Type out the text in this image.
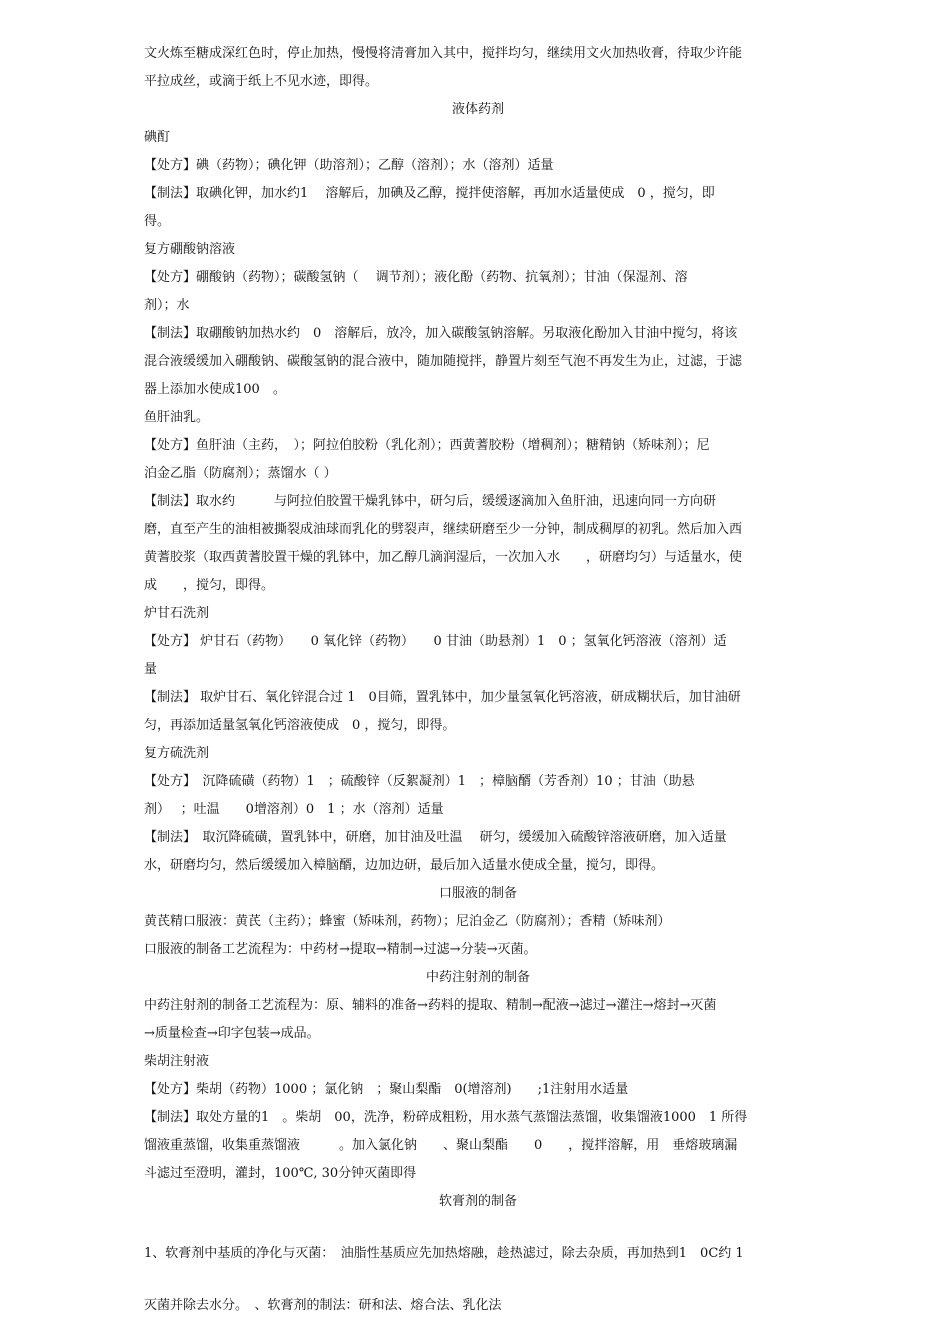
文火炼至糖成深红色时，停止加热，慢慢将清膏加入其中，搅拌均匀，继续用文火加热收膏，待取少许能
平拉成丝，或滴于纸上不见水迹，即得。
液体药剂
碘酊
【处方】碘（药物）；碘化钾（助溶剂）；乙醇（溶剂）；水（溶剂）适量
【制法】取碘化钾，加水约1　 溶解后，加碘及乙醇，搅拌使溶解，再加水适量使成　0 ，搅匀，即
得。
复方硼酸钠溶液
【处方】硼酸钠（药物）；碳酸氢钠（　 调节剂）；液化酚（药物、抗氧剂）；甘油（保湿剂、溶
剂）；水
【制法】取硼酸钠加热水约　0　溶解后，放冷，加入碳酸氢钠溶解。另取液化酚加入甘油中搅匀，将该
混合液缓缓加入硼酸钠、碳酸氢钠的混合液中，随加随搅拌，静置片刻至气泡不再发生为止，过滤，于滤
器上添加水使成100　。
鱼肝油乳。
【处方】鱼肝油（主药，　）；阿拉伯胶粉（乳化剂）；西黄蓍胶粉（增稠剂）；糖精钠（矫味剂）；尼
泊金乙脂（防腐剂）；蒸馏水（ ）
【制法】取水约　　　与阿拉伯胶置干燥乳钵中，研匀后，缓缓逐滴加入鱼肝油，迅速向同一方向研
磨，直至产生的油相被撕裂成油球而乳化的劈裂声，继续研磨至少一分钟，制成稠厚的初乳。然后加入西
黄蓍胶浆（取西黄蓍胶置干燥的乳钵中，加乙醇几滴润湿后，一次加入水　　，研磨均匀）与适量水，使
成　　，搅匀，即得。
炉甘石洗剂
【处方】 炉甘石（药物）　　0 氧化锌（药物）　　0 甘油（助悬剂）1　0 ；氢氧化钙溶液（溶剂）适
量
【制法】 取炉甘石、氧化锌混合过 1　0目筛，置乳钵中，加少量氢氧化钙溶液，研成糊状后，加甘油研
匀，再添加适量氢氧化钙溶液使成　0 ，搅匀，即得。
复方硫洗剂
【处方】　沉降硫磺（药物）1　；硫酸锌（反絮凝剂）1　；樟脑醑（芳香剂）10 ；甘油（助悬
剂）　 ；吐温　　0增溶剂）0　1 ；水（溶剂）适量
【制法】　取沉降硫磺，置乳钵中，研磨，加甘油及吐温　 研匀，缓缓加入硫酸锌溶液研磨，加入适量
水，研磨均匀，然后缓缓加入樟脑醑，边加边研，最后加入适量水使成全量，搅匀，即得。
口服液的制备
黄芪精口服液：黄芪（主药）；蜂蜜（矫味剂，药物）；尼泊金乙（防腐剂）；香精（矫味剂）
口服液的制备工艺流程为：中药材→提取→精制→过滤→分装→灭菌。
中药注射剂的制备
中药注射剂的制备工艺流程为：原、辅料的准备→药料的提取、精制→配液→滤过→灌注→熔封→灭菌
→质量检查→印字包装→成品。
柴胡注射液
【处方】柴胡（药物）1000 ；氯化钠　；聚山梨酯　0(增溶剂)　　;1注射用水适量
【制法】取处方量的1　。柴胡　00，洗净，粉碎成粗粉，用水蒸气蒸馏法蒸馏，收集馏液1000　1 所得
馏液重蒸馏，收集重蒸馏液　　　。加入氯化钠　　、聚山梨酯　　0　　，搅拌溶解，用　垂熔玻璃漏
斗滤过至澄明，灌封，100℃, 30分钟灭菌即得
软膏剂的制备
1、软膏剂中基质的净化与灭菌：　油脂性基质应先加热熔融，趁热滤过，除去杂质，再加热到1　0C约 1
灭菌并除去水分。　、软膏剂的制法：研和法、熔合法、乳化法
